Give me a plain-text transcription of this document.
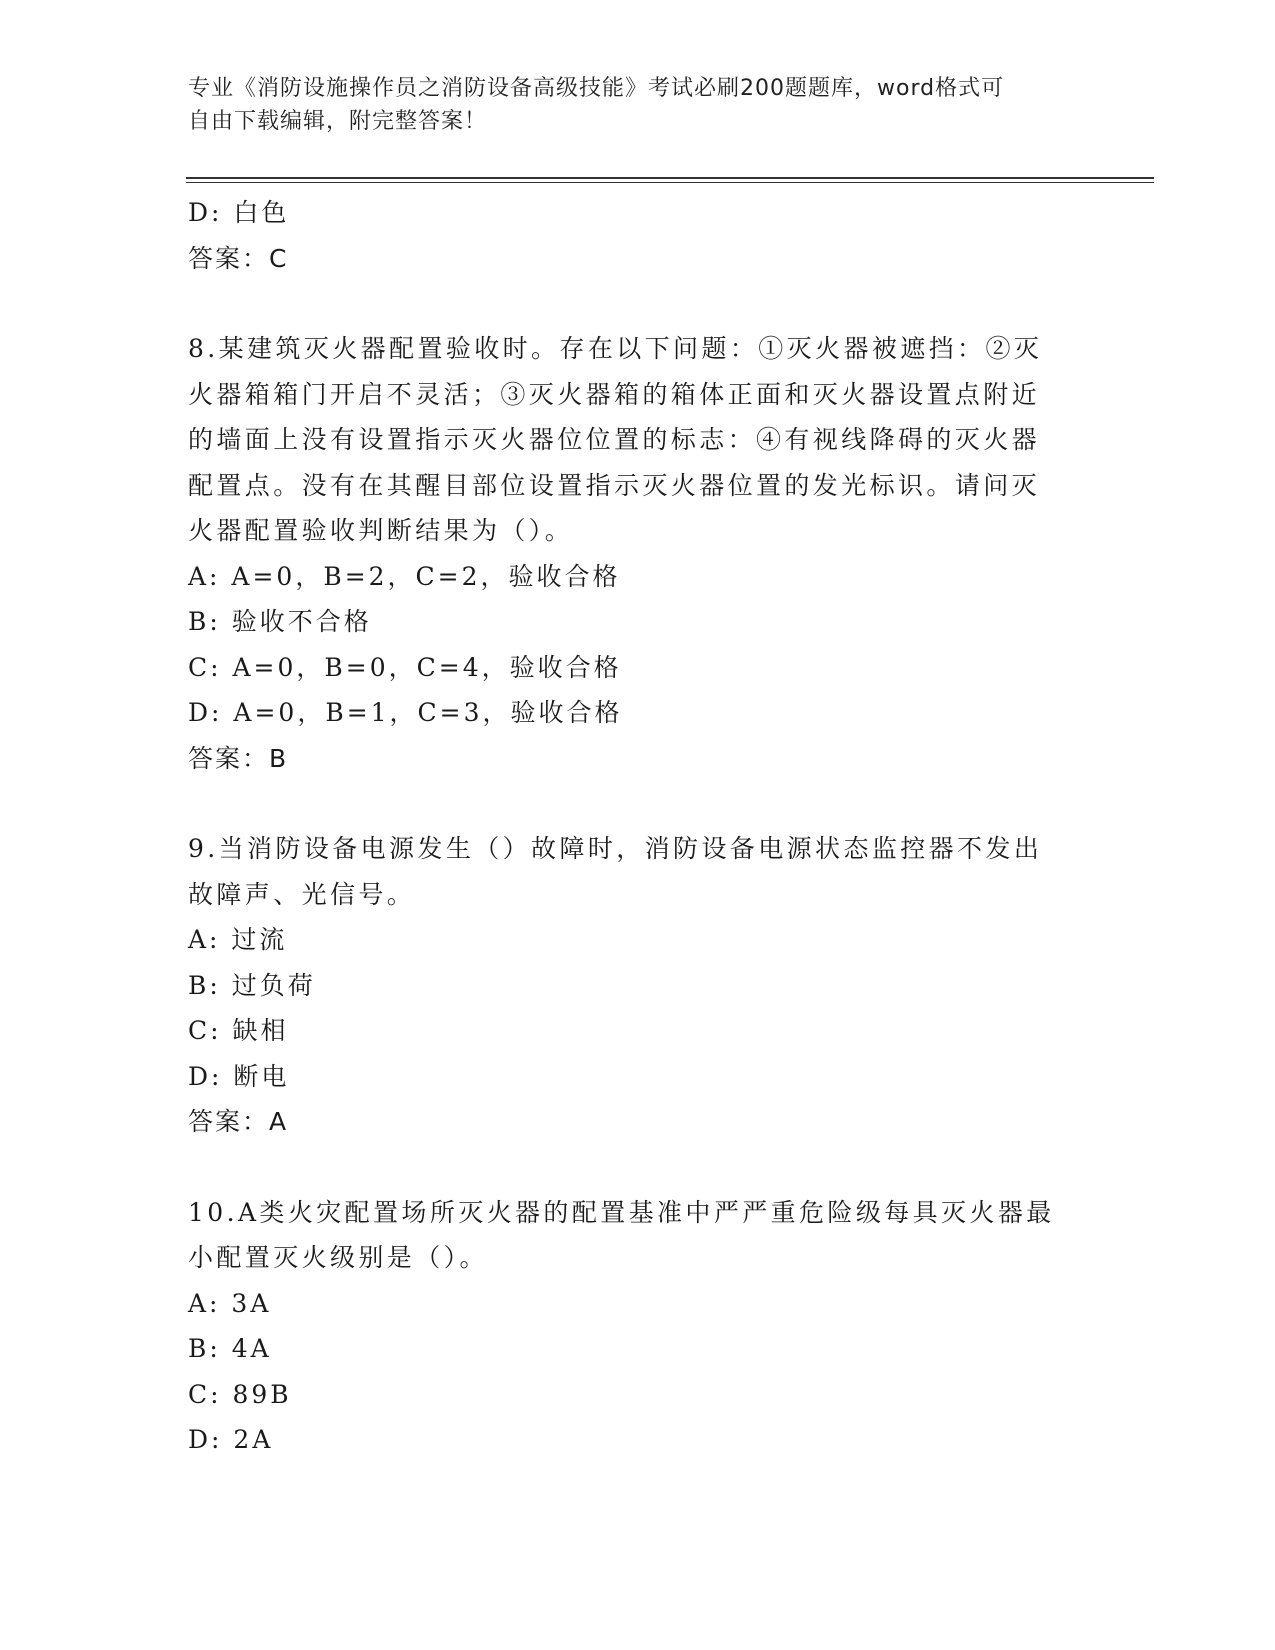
专业《消防设施操作员之消防设备高级技能》考试必刷200题题库，word格式可
自由下载编辑，附完整答案！
D: 白色
答案：C
8.某建筑灭火器配置验收时。存在以下问题：①灭火器被遮挡：②灭
火器箱箱门开启不灵活；③灭火器箱的箱体正面和灭火器设置点附近
的墙面上没有设置指示灭火器位位置的标志：④有视线降碍的灭火器
配置点。没有在其醒目部位设置指示灭火器位置的发光标识。请问灭
火器配置验收判断结果为（）。
A: A=0，B=2，C=2，验收合格
B: 验收不合格
C: A=0，B=0，C=4，验收合格
D: A=0，B=1，C=3，验收合格
答案：B
9.当消防设备电源发生（）故障时，消防设备电源状态监控器不发出
故障声、光信号。
A: 过流
B: 过负荷
C: 缺相
D: 断电
答案：A
10.A类火灾配置场所灭火器的配置基准中严严重危险级每具灭火器最
小配置灭火级别是（）。
A: 3A
B: 4A
C: 89B
D: 2A
